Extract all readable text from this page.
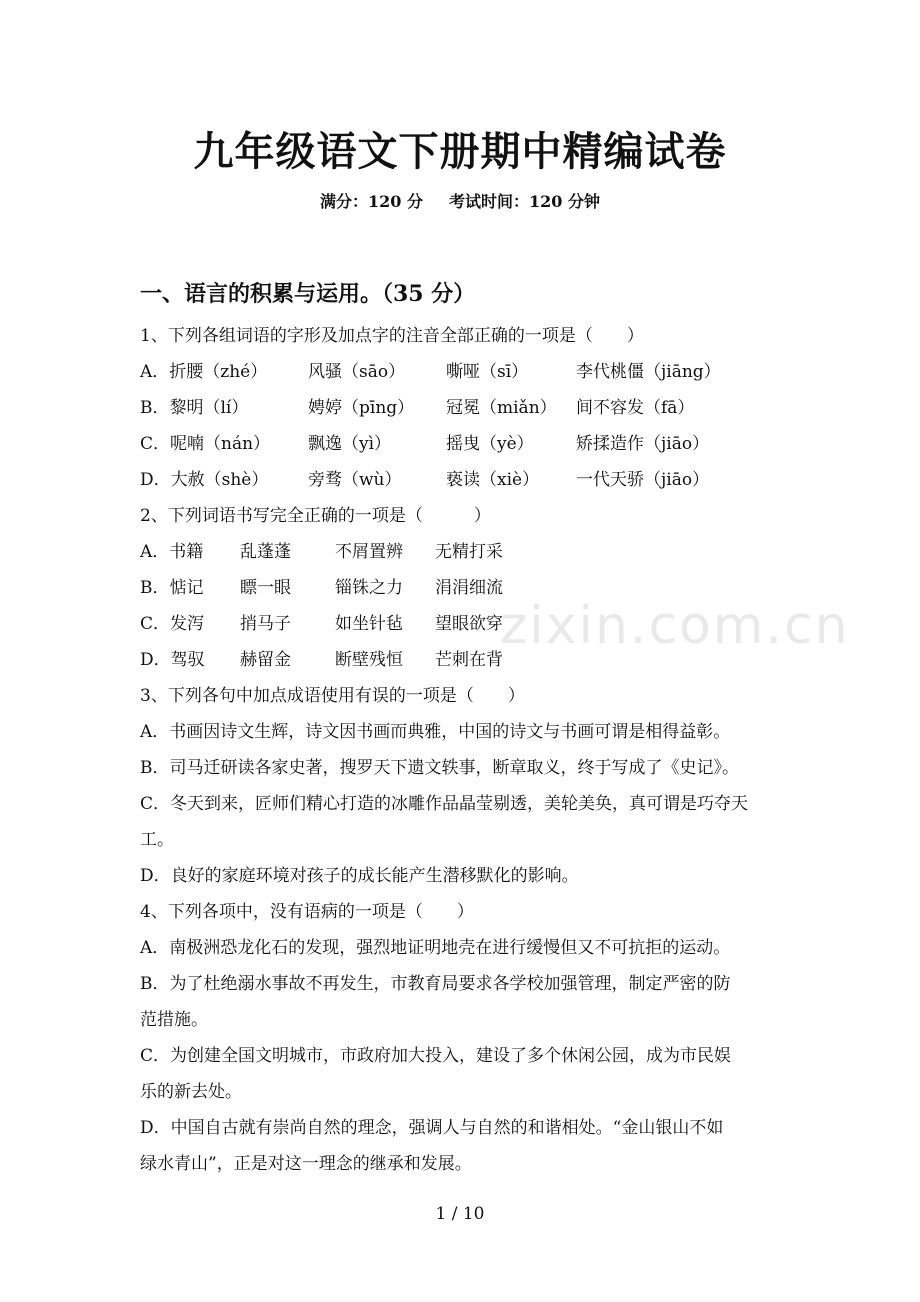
九年级语文下册期中精编试卷
满分：120 分 考试时间：120 分钟
一、语言的积累与运用。（35 分）
1、下列各组词语的字形及加点字的注音全部正确的一项是（　　）
A．折腰（zhé）	风骚（sāo）	嘶哑（sī）	李代桃僵（jiāng）
B．黎明（lí）	娉婷（pīng）	冠冕（miǎn）	间不容发（fā）
C．呢喃（nán）	飘逸（yì）	摇曳（yè）	矫揉造作（jiāo）
D．大赦（shè）	旁骛（wù）	亵读（xiè）	一代天骄（jiāo）
2、下列词语书写完全正确的一项是（　　　）
A．书籍	乱蓬蓬	不屑置辨	无精打采
B．惦记	瞟一眼	锱铢之力	涓涓细流
C．发泻	捎马子	如坐针毡	望眼欲穿
D．驾驭	赫留金	断壁残恒	芒刺在背
3、下列各句中加点成语使用有误的一项是（　　）
A．书画因诗文生辉，诗文因书画而典雅，中国的诗文与书画可谓是相得益彰。
B．司马迁研读各家史著，搜罗天下遗文轶事，断章取义，终于写成了《史记》。
C．冬天到来，匠师们精心打造的冰雕作品晶莹剔透，美轮美奂，真可谓是巧夺天
工。
D．良好的家庭环境对孩子的成长能产生潜移默化的影响。
4、下列各项中，没有语病的一项是（　　）
A．南极洲恐龙化石的发现，强烈地证明地壳在进行缓慢但又不可抗拒的运动。
B．为了杜绝溺水事故不再发生，市教育局要求各学校加强管理，制定严密的防
范措施。
C．为创建全国文明城市，市政府加大投入，建设了多个休闲公园，成为市民娱
乐的新去处。
D．中国自古就有崇尚自然的理念，强调人与自然的和谐相处。“金山银山不如
绿水青山”，正是对这一理念的继承和发展。
zixin.com.cn
1 / 10
